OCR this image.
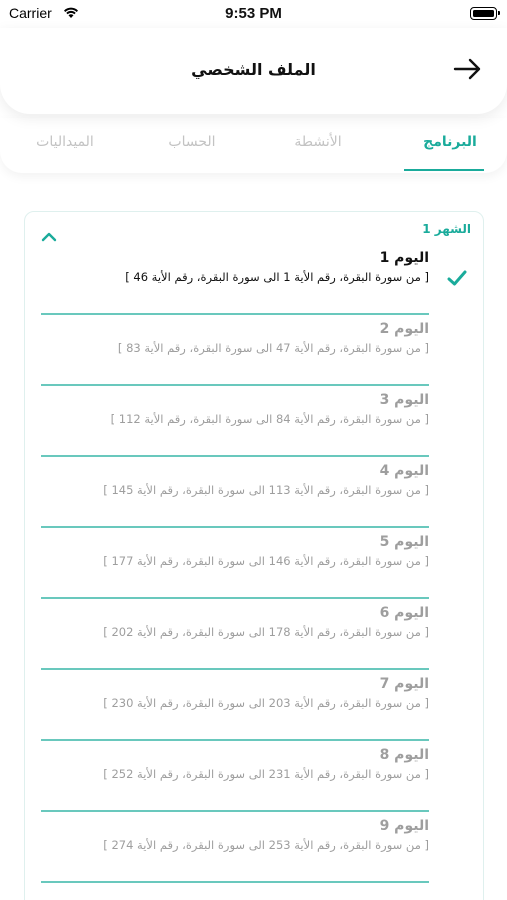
Carrier	9:53 PM
الملف الشخصي
البرنامج
الأنشطة
الحساب
الميداليات
الشهر 1
اليوم 1
[ من سورة البقرة، رقم الأية 1 الى سورة البقرة، رقم الأية 46 ]
اليوم 2
[ من سورة البقرة، رقم الأية 47 الى سورة البقرة، رقم الأية 83 ]
اليوم 3
[ من سورة البقرة، رقم الأية 84 الى سورة البقرة، رقم الأية 112 ]
اليوم 4
[ من سورة البقرة، رقم الأية 113 الى سورة البقرة، رقم الأية 145 ]
اليوم 5
[ من سورة البقرة، رقم الأية 146 الى سورة البقرة، رقم الأية 177 ]
اليوم 6
[ من سورة البقرة، رقم الأية 178 الى سورة البقرة، رقم الأية 202 ]
اليوم 7
[ من سورة البقرة، رقم الأية 203 الى سورة البقرة، رقم الأية 230 ]
اليوم 8
[ من سورة البقرة، رقم الأية 231 الى سورة البقرة، رقم الأية 252 ]
اليوم 9
[ من سورة البقرة، رقم الأية 253 الى سورة البقرة، رقم الأية 274 ]
